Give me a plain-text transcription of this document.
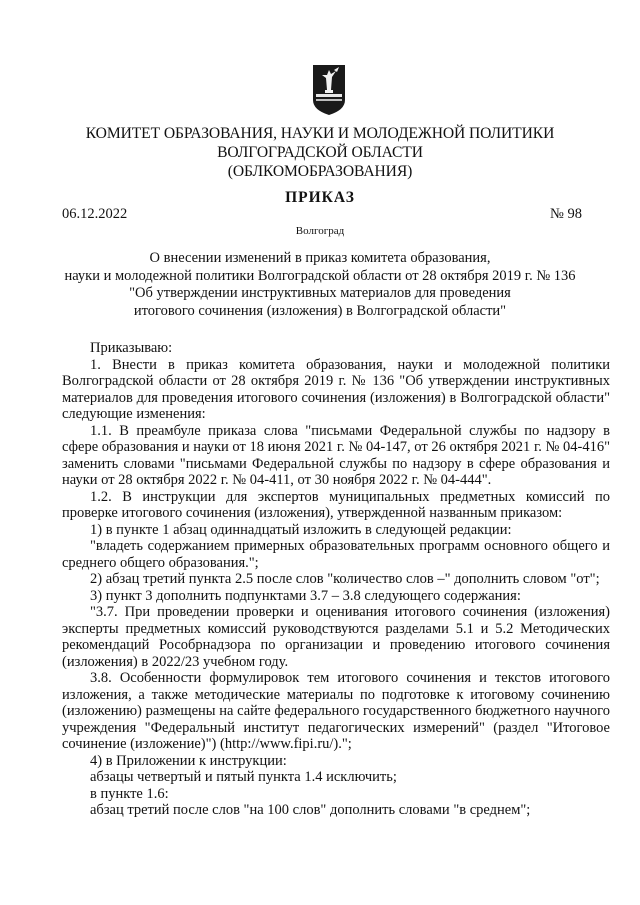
КОМИТЕТ ОБРАЗОВАНИЯ, НАУКИ И МОЛОДЕЖНОЙ ПОЛИТИКИ
ВОЛГОГРАДСКОЙ ОБЛАСТИ
(ОБЛКОМОБРАЗОВАНИЯ)
ПРИКАЗ
06.12.2022	№ 98
Волгоград
О внесении изменений в приказ комитета образования,
науки и молодежной политики Волгоградской области от 28 октября 2019 г. № 136
"Об утверждении инструктивных материалов для проведения
итогового сочинения (изложения) в Волгоградской области"

Приказываю:

1. Внести в приказ комитета образования, науки и молодежной политики Волгоградской области от 28 октября 2019 г. № 136 "Об утверждении инструктивных материалов для проведения итогового сочинения (изложения) в Волгоградской области" следующие изменения:

1.1. В преамбуле приказа слова "письмами Федеральной службы по надзору в сфере образования и науки от 18 июня 2021 г. № 04-147, от 26 октября 2021 г. № 04-416" заменить словами "письмами Федеральной службы по надзору в сфере образования и науки от 28 октября 2022 г. № 04-411, от 30 ноября 2022 г. № 04-444".

1.2. В инструкции для экспертов муниципальных предметных комиссий по проверке итогового сочинения (изложения), утвержденной названным приказом:

1) в пункте 1 абзац одиннадцатый изложить в следующей редакции:

"владеть содержанием примерных образовательных программ основного общего и среднего общего образования.";

2) абзац третий пункта 2.5 после слов "количество слов –" дополнить словом "от";

3) пункт 3 дополнить подпунктами 3.7 – 3.8 следующего содержания:

"3.7. При проведении проверки и оценивания итогового сочинения (изложения) эксперты предметных комиссий руководствуются разделами 5.1 и 5.2 Методических рекомендаций Рособрнадзора по организации и проведению итогового сочинения (изложения) в 2022/23 учебном году.

3.8. Особенности формулировок тем итогового сочинения и текстов итогового изложения, а также методические материалы по подготовке к итоговому сочинению (изложению) размещены на сайте федерального государственного бюджетного научного учреждения "Федеральный институт педагогических измерений" (раздел "Итоговое сочинение (изложение)") (http://www.fipi.ru/).";

4) в Приложении к инструкции:

абзацы четвертый и пятый пункта 1.4 исключить;

в пункте 1.6:

абзац третий после слов "на 100 слов" дополнить словами "в среднем";
